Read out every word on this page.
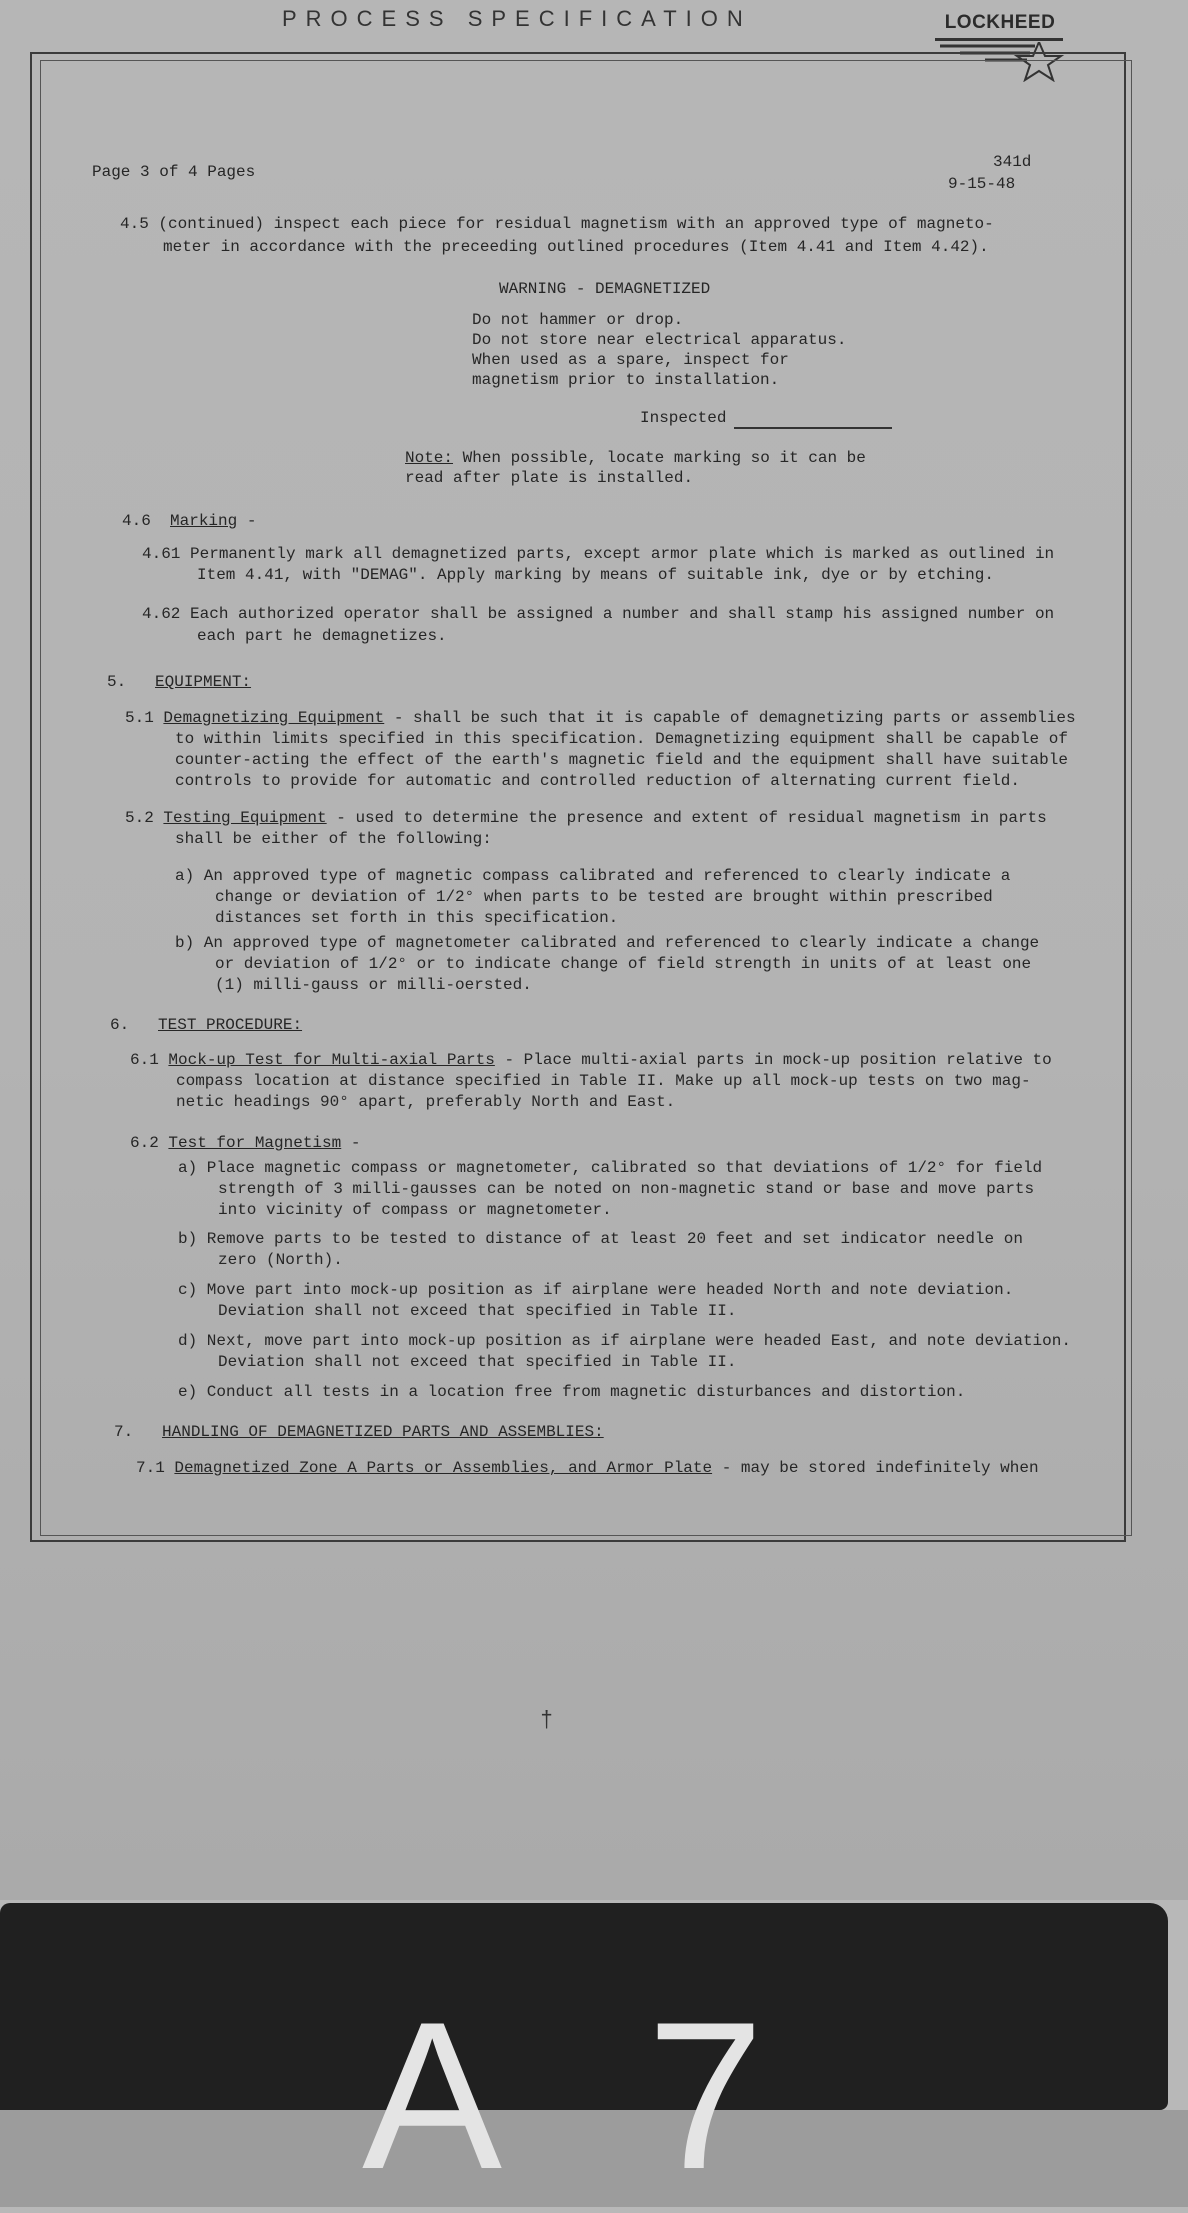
PROCESS SPECIFICATION	LOCKHEED
Page 3 of 4 Pages
341d
9-15-48
4.5 (continued) inspect each piece for residual magnetism with an approved type of magneto-
meter in accordance with the preceeding outlined procedures (Item 4.41 and Item 4.42).
WARNING - DEMAGNETIZED
Do not hammer or drop.
Do not store near electrical apparatus.
When used as a spare, inspect for
magnetism prior to installation.
Inspected
Note: When possible, locate marking so it can be
read after plate is installed.
4.6 Marking -
4.61 Permanently mark all demagnetized parts, except armor plate which is marked as outlined in
Item 4.41, with "DEMAG". Apply marking by means of suitable ink, dye or by etching.
4.62 Each authorized operator shall be assigned a number and shall stamp his assigned number on
each part he demagnetizes.
5. EQUIPMENT:
5.1 Demagnetizing Equipment - shall be such that it is capable of demagnetizing parts or assemblies
to within limits specified in this specification. Demagnetizing equipment shall be capable of
counter-acting the effect of the earth's magnetic field and the equipment shall have suitable
controls to provide for automatic and controlled reduction of alternating current field.
5.2 Testing Equipment - used to determine the presence and extent of residual magnetism in parts
shall be either of the following:
a) An approved type of magnetic compass calibrated and referenced to clearly indicate a
change or deviation of 1/2° when parts to be tested are brought within prescribed
distances set forth in this specification.
b) An approved type of magnetometer calibrated and referenced to clearly indicate a change
or deviation of 1/2° or to indicate change of field strength in units of at least one
(1) milli-gauss or milli-oersted.
6. TEST PROCEDURE:
6.1 Mock-up Test for Multi-axial Parts - Place multi-axial parts in mock-up position relative to
compass location at distance specified in Table II. Make up all mock-up tests on two mag-
netic headings 90° apart, preferably North and East.
6.2 Test for Magnetism -
a) Place magnetic compass or magnetometer, calibrated so that deviations of 1/2° for field
strength of 3 milli-gausses can be noted on non-magnetic stand or base and move parts
into vicinity of compass or magnetometer.
b) Remove parts to be tested to distance of at least 20 feet and set indicator needle on
zero (North).
c) Move part into mock-up position as if airplane were headed North and note deviation.
Deviation shall not exceed that specified in Table II.
d) Next, move part into mock-up position as if airplane were headed East, and note deviation.
Deviation shall not exceed that specified in Table II.
e) Conduct all tests in a location free from magnetic disturbances and distortion.
7. HANDLING OF DEMAGNETIZED PARTS AND ASSEMBLIES:
7.1 Demagnetized Zone A Parts or Assemblies, and Armor Plate - may be stored indefinitely when
†
A 7
